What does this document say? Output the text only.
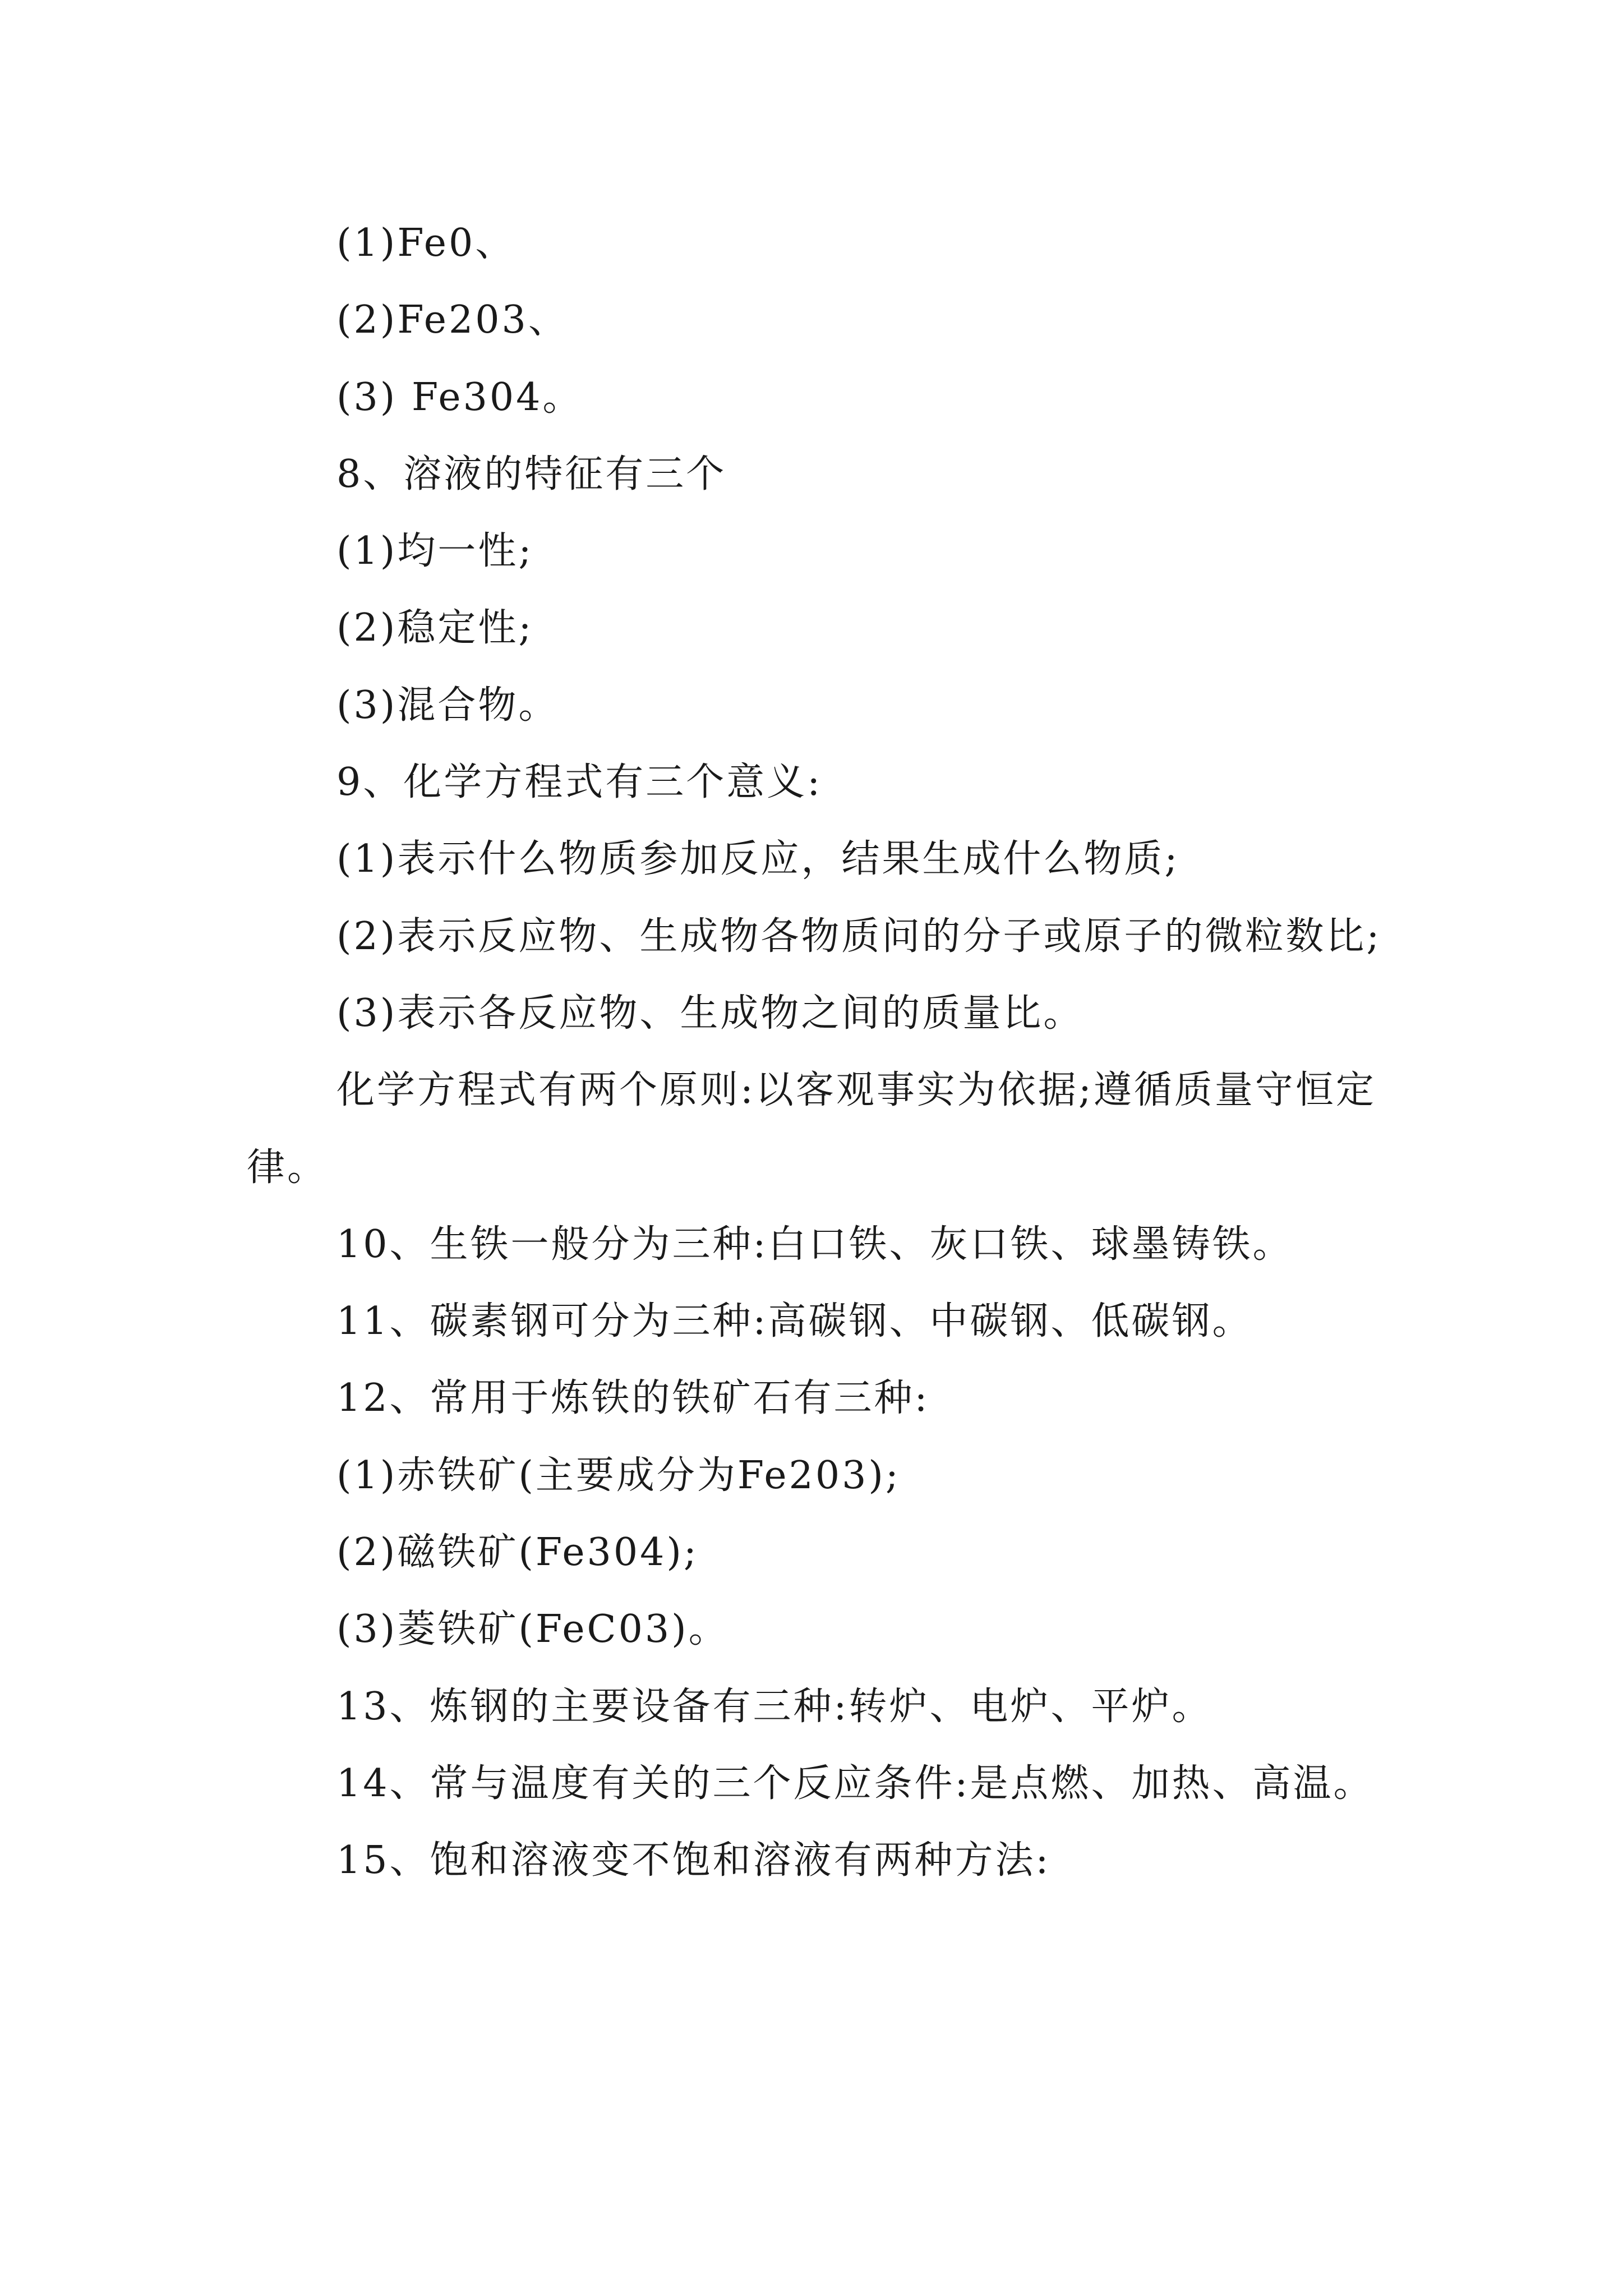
(1)Fe0、

(2)Fe203、

(3) Fe304。

8、溶液的特征有三个

(1)均一性;

(2)稳定性;

(3)混合物。

9、化学方程式有三个意义:

(1)表示什么物质参加反应，结果生成什么物质;

(2)表示反应物、生成物各物质问的分子或原子的微粒数比;

(3)表示各反应物、生成物之间的质量比。

化学方程式有两个原则:以客观事实为依据;遵循质量守恒定律。

10、生铁一般分为三种:白口铁、灰口铁、球墨铸铁。

11、碳素钢可分为三种:高碳钢、中碳钢、低碳钢。

12、常用于炼铁的铁矿石有三种:

(1)赤铁矿(主要成分为Fe203);

(2)磁铁矿(Fe304);

(3)菱铁矿(FeC03)。

13、炼钢的主要设备有三种:转炉、电炉、平炉。

14、常与温度有关的三个反应条件:是点燃、加热、高温。

15、饱和溶液变不饱和溶液有两种方法:
